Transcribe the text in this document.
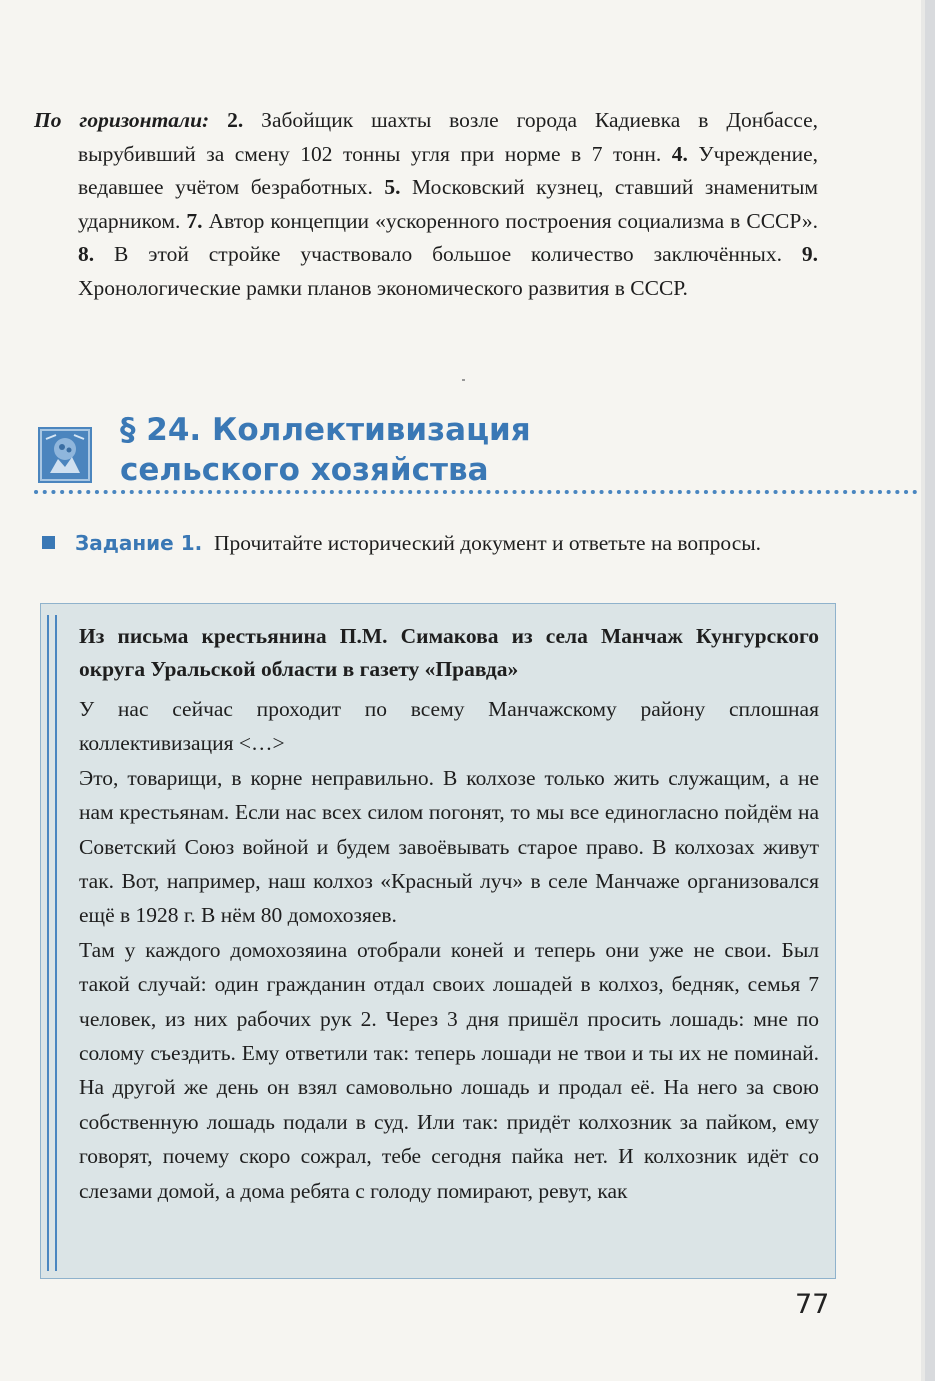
По горизонтали: 2. Забойщик шахты возле города Кадиевка в Донбассе, вырубивший за смену 102 тонны угля при норме в 7 тонн. 4. Учреждение, ведавшее учётом безработных. 5. Московский кузнец, ставший знаменитым ударником. 7. Автор концепции «ускоренного построения социализма в СССР». 8. В этой стройке участвовало большое количество заключённых. 9. Хронологические рамки планов экономического развития в СССР.
§ 24. Коллективизация
сельского хозяйства
Задание 1. Прочитайте исторический документ и ответьте на вопросы.
Из письма крестьянина П.М. Симакова из села Манчаж Кунгурского округа Уральской области в газету «Правда»

У нас сейчас проходит по всему Манчажскому району сплошная коллективизация <…>

Это, товарищи, в корне неправильно. В колхозе только жить служащим, а не нам крестьянам. Если нас всех силом погонят, то мы все единогласно пойдём на Советский Союз войной и будем завоёвывать старое право. В колхозах живут так. Вот, например, наш колхоз «Красный луч» в селе Манчаже организовался ещё в 1928 г. В нём 80 домохозяев.

Там у каждого домохозяина отобрали коней и теперь они уже не свои. Был такой случай: один гражданин отдал своих лошадей в колхоз, бедняк, семья 7 человек, из них рабочих рук 2. Через 3 дня пришёл просить лошадь: мне по солому съездить. Ему ответили так: теперь лошади не твои и ты их не поминай. На другой же день он взял самовольно лошадь и продал её. На него за свою собственную лошадь подали в суд. Или так: придёт колхозник за пайком, ему говорят, почему скоро сожрал, тебе сегодня пайка нет. И колхозник идёт со слезами домой, а дома ребята с голоду помирают, ревут, как

77
